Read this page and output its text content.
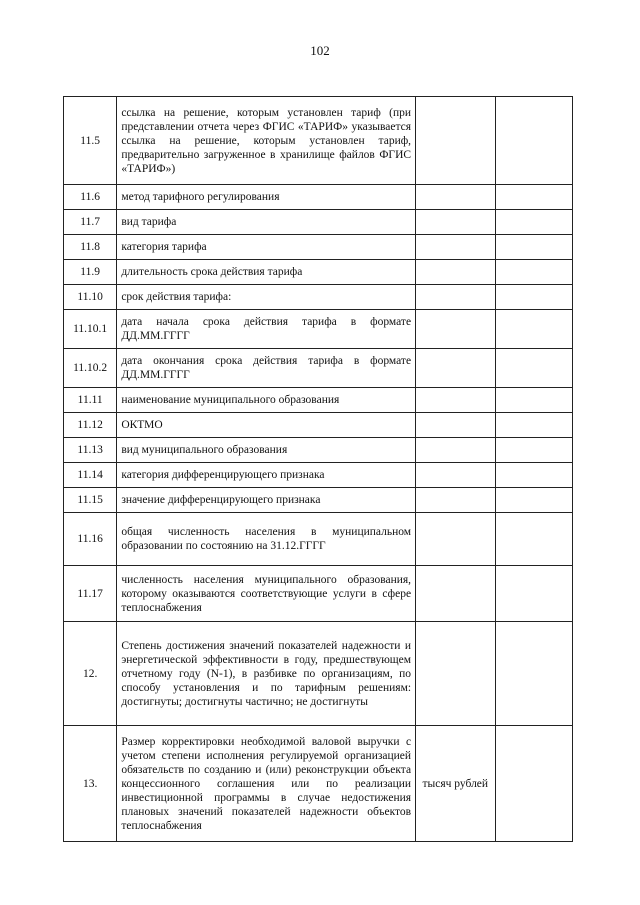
102
11.5	ссылка на решение, которым установлен тариф (при представлении отчета через ФГИС «ТАРИФ» указывается ссылка на решение, которым установлен тариф, предварительно загруженное в хранилище файлов ФГИС «ТАРИФ»)		
11.6	метод тарифного регулирования		
11.7	вид тарифа		
11.8	категория тарифа		
11.9	длительность срока действия тарифа		
11.10	срок действия тарифа:		
11.10.1	дата начала срока действия тарифа в формате ДД.ММ.ГГГГ		
11.10.2	дата окончания срока действия тарифа в формате ДД.ММ.ГГГГ		
11.11	наименование муниципального образования		
11.12	ОКТМО		
11.13	вид муниципального образования		
11.14	категория дифференцирующего признака		
11.15	значение дифференцирующего признака		
11.16	общая численность населения в муниципальном образовании по состоянию на 31.12.ГГГГ		
11.17	численность населения муниципального образования, которому оказываются соответствующие услуги в сфере теплоснабжения		
12.	Степень достижения значений показателей надежности и энергетической эффективности в году, предшествующем отчетному году (N-1), в разбивке по организациям, по способу установления и по тарифным решениям: достигнуты; достигнуты частично; не достигнуты		
13.	Размер корректировки необходимой валовой выручки с учетом степени исполнения регулируемой организацией обязательств по созданию и (или) реконструкции объекта концессионного соглашения или по реализации инвестиционной программы в случае недостижения плановых значений показателей надежности объектов теплоснабжения	тысяч рублей	
